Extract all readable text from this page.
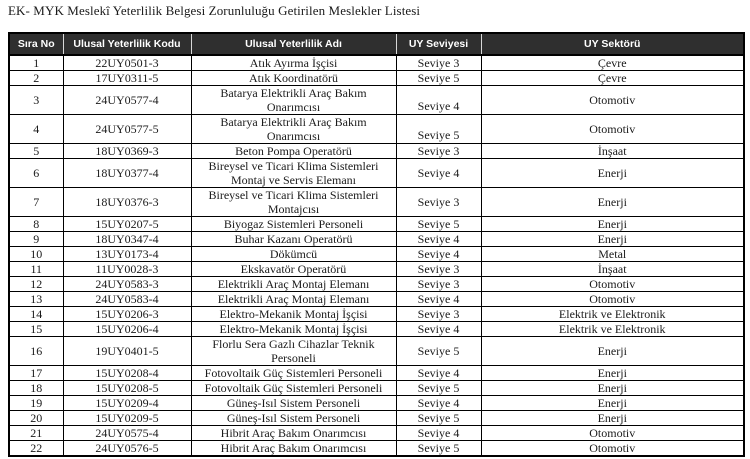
EK- MYK Meslekî Yeterlilik Belgesi Zorunluluğu Getirilen Meslekler Listesi

Sıra No	Ulusal Yeterlilik Kodu	Ulusal Yeterlilik Adı	UY Seviyesi	UY Sektörü
1	22UY0501-3	Atık Ayırma İşçisi	Seviye 3	Çevre
2	17UY0311-5	Atık Koordinatörü	Seviye 5	Çevre
3	24UY0577-4	Batarya Elektrikli Araç Bakım Onarımcısı	Seviye 4	Otomotiv
4	24UY0577-5	Batarya Elektrikli Araç Bakım Onarımcısı	Seviye 5	Otomotiv
5	18UY0369-3	Beton Pompa Operatörü	Seviye 3	İnşaat
6	18UY0377-4	Bireysel ve Ticari Klima Sistemleri Montaj ve Servis Elemanı	Seviye 4	Enerji
7	18UY0376-3	Bireysel ve Ticari Klima Sistemleri Montajcısı	Seviye 3	Enerji
8	15UY0207-5	Biyogaz Sistemleri Personeli	Seviye 5	Enerji
9	18UY0347-4	Buhar Kazanı Operatörü	Seviye 4	Enerji
10	13UY0173-4	Dökümcü	Seviye 4	Metal
11	11UY0028-3	Ekskavatör Operatörü	Seviye 3	İnşaat
12	24UY0583-3	Elektrikli Araç Montaj Elemanı	Seviye 3	Otomotiv
13	24UY0583-4	Elektrikli Araç Montaj Elemanı	Seviye 4	Otomotiv
14	15UY0206-3	Elektro-Mekanik Montaj İşçisi	Seviye 3	Elektrik ve Elektronik
15	15UY0206-4	Elektro-Mekanik Montaj İşçisi	Seviye 4	Elektrik ve Elektronik
16	19UY0401-5	Florlu Sera Gazlı Cihazlar Teknik Personeli	Seviye 5	Enerji
17	15UY0208-4	Fotovoltaik Güç Sistemleri Personeli	Seviye 4	Enerji
18	15UY0208-5	Fotovoltaik Güç Sistemleri Personeli	Seviye 5	Enerji
19	15UY0209-4	Güneş-Isıl Sistem Personeli	Seviye 4	Enerji
20	15UY0209-5	Güneş-Isıl Sistem Personeli	Seviye 5	Enerji
21	24UY0575-4	Hibrit Araç Bakım Onarımcısı	Seviye 4	Otomotiv
22	24UY0576-5	Hibrit Araç Bakım Onarımcısı	Seviye 5	Otomotiv
